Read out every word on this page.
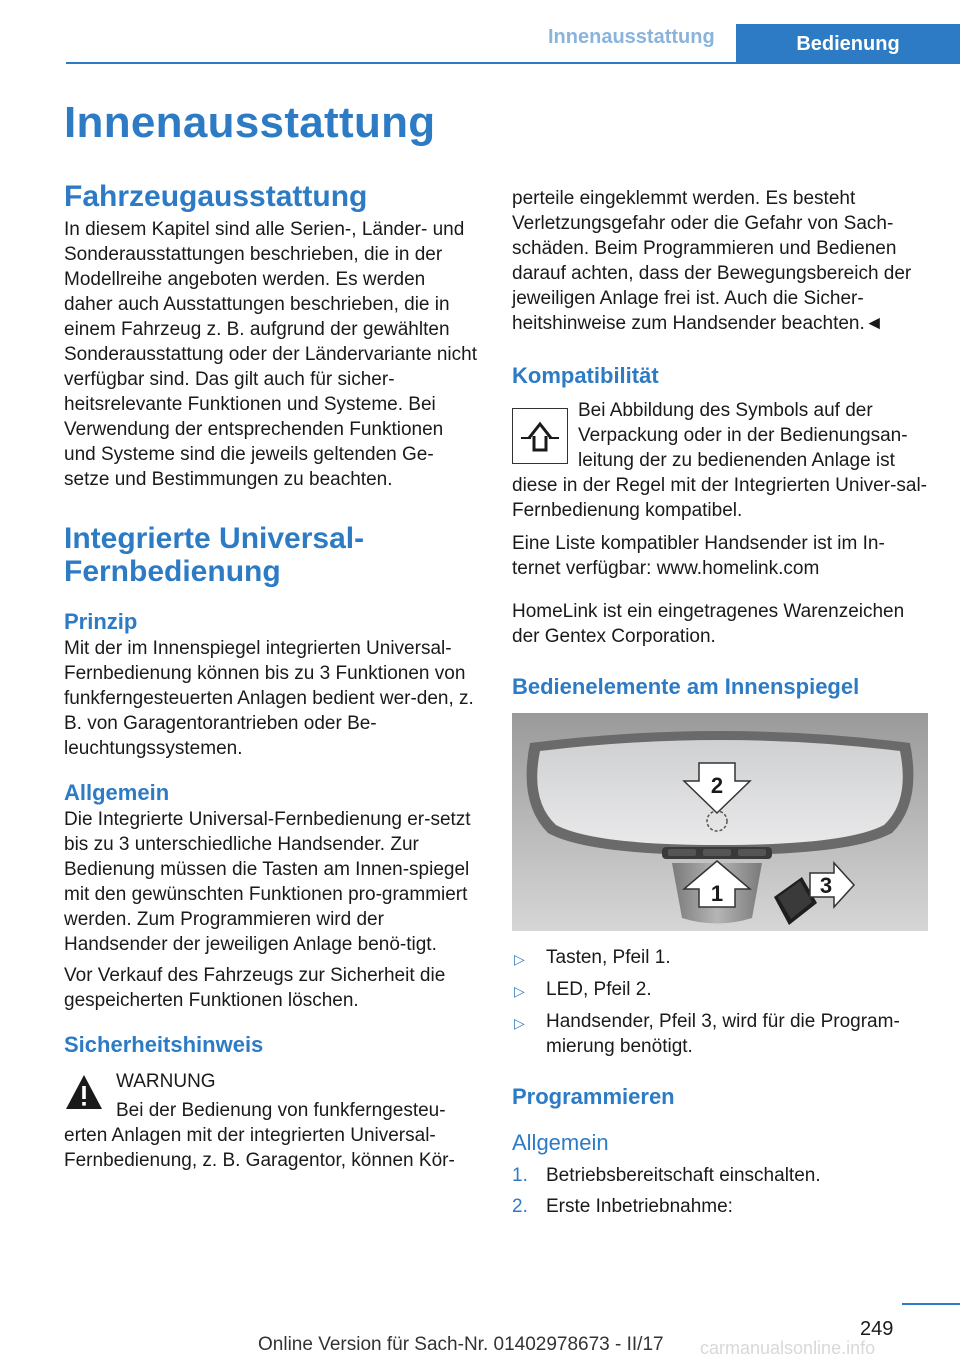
Innenausstattung	Bedienung
Innenausstattung
Fahrzeugausstattung

In diesem Kapitel sind alle Serien-, Länder- und Sonderausstattungen beschrieben, die in der Modellreihe angeboten werden. Es werden daher auch Ausstattungen beschrieben, die in einem Fahrzeug z. B. aufgrund der gewählten Sonderausstattung oder der Ländervariante nicht verfügbar sind. Das gilt auch für sicher-heitsrelevante Funktionen und Systeme. Bei Verwendung der entsprechenden Funktionen und Systeme sind die jeweils geltenden Ge-setze und Bestimmungen zu beachten.

Integrierte Universal-Fernbedienung
Prinzip

Mit der im Innenspiegel integrierten Universal-Fernbedienung können bis zu 3 Funktionen von funkferngesteuerten Anlagen bedient wer-den, z. B. von Garagentorantrieben oder Be-leuchtungssystemen.

Allgemein

Die Integrierte Universal-Fernbedienung er-setzt bis zu 3 unterschiedliche Handsender. Zur Bedienung müssen die Tasten am Innen-spiegel mit den gewünschten Funktionen pro-grammiert werden. Zum Programmieren wird der Handsender der jeweiligen Anlage benö-tigt.

Vor Verkauf des Fahrzeugs zur Sicherheit die gespeicherten Funktionen löschen.

Sicherheitshinweis

WARNUNG

Bei der Bedienung von funkferngesteu-

erten Anlagen mit der integrierten Universal-Fernbedienung, z. B. Garagentor, können Kör-

perteile eingeklemmt werden. Es besteht Verletzungsgefahr oder die Gefahr von Sach-schäden. Beim Programmieren und Bedienen darauf achten, dass der Bewegungsbereich der jeweiligen Anlage frei ist. Auch die Sicher-heitshinweise zum Handsender beachten.◄

Kompatibilität

Bei Abbildung des Symbols auf der Verpackung oder in der Bedienungsan-leitung der zu bedienenden Anlage ist

diese in der Regel mit der Integrierten Univer-sal-Fernbedienung kompatibel.

Eine Liste kompatibler Handsender ist im In-ternet verfügbar: www.homelink.com

HomeLink ist ein eingetragenes Warenzeichen der Gentex Corporation.

Bedienelemente am Innenspiegel
2
1	3
▷ Tasten, Pfeil 1.
▷ LED, Pfeil 2.
▷ Handsender, Pfeil 3, wird für die Program-mierung benötigt.
Programmieren
Allgemein
1. Betriebsbereitschaft einschalten.
2. Erste Inbetriebnahme:
249
Online Version für Sach-Nr. 01402978673 - II/17 carmanualsonline.info
